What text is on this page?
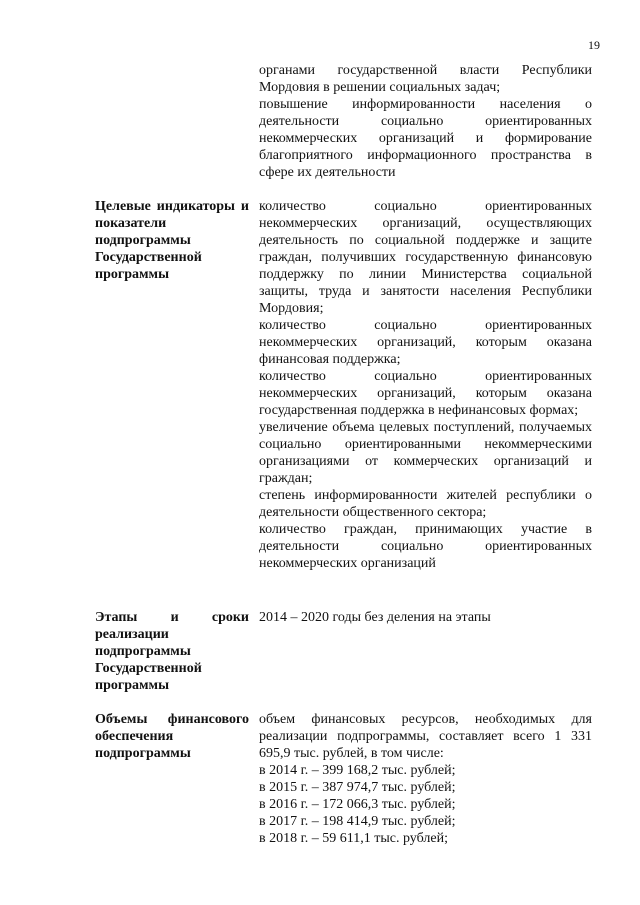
19

органами государственной власти Республики Мордовия в решении социальных задач;

повышение информированности населения о деятельности социально ориентированных некоммерческих организаций и формирование благоприятного информационного пространства в сфере их деятельности

Целевые индикаторы и показатели подпрограммы Государственной программы

количество социально ориентированных некоммерческих организаций, осуществляющих деятельность по социальной поддержке и защите граждан, получивших государственную финансовую поддержку по линии Министерства социальной защиты, труда и занятости населения Республики Мордовия;

количество социально ориентированных некоммерческих организаций, которым оказана финансовая поддержка;

количество социально ориентированных некоммерческих организаций, которым оказана государственная поддержка в нефинансовых формах;

увеличение объема целевых поступлений, получаемых социально ориентированными некоммерческими организациями от коммерческих организаций и граждан;

степень информированности жителей республики о деятельности общественного сектора;

количество граждан, принимающих участие в деятельности социально ориентированных некоммерческих организаций

Этапы и сроки реализации подпрограммы Государственной программы

2014 – 2020 годы без деления на этапы

Объемы финансового обеспечения подпрограммы

объем финансовых ресурсов, необходимых для реализации подпрограммы, составляет всего 1 331 695,9 тыс. рублей, в том числе:

в 2014 г. – 399 168,2 тыс. рублей;

в 2015 г. – 387 974,7 тыс. рублей;

в 2016 г. – 172 066,3 тыс. рублей;

в 2017 г. – 198 414,9 тыс. рублей;

в 2018 г. – 59 611,1 тыс. рублей;
